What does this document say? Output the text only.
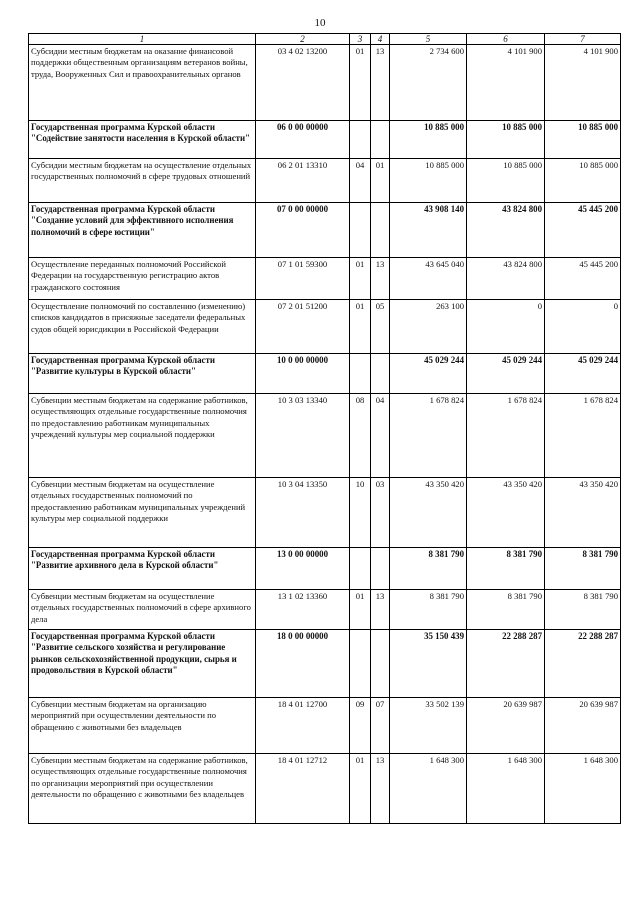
10
1	2	3	4	5	6	7
Субсидии местным бюджетам на оказание финансовой поддержки общественным организациям ветеранов войны, труда, Вооруженных Сил и правоохранительных органов	03 4 02 13200	01	13	2 734 600	4 101 900	4 101 900
Государственная программа Курской области "Содействие занятости населения в Курской области"	06 0 00 00000			10 885 000	10 885 000	10 885 000
Субсидии местным бюджетам на осуществление отдельных государственных полномочий в сфере трудовых отношений	06 2 01 13310	04	01	10 885 000	10 885 000	10 885 000
Государственная программа Курской области "Создание условий для эффективного исполнения полномочий в сфере юстиции"	07 0 00 00000			43 908 140	43 824 800	45 445 200
Осуществление переданных полномочий Российской Федерации на государственную регистрацию актов гражданского состояния	07 1 01 59300	01	13	43 645 040	43 824 800	45 445 200
Осуществление полномочий по составлению (изменению) списков кандидатов в присяжные заседатели федеральных судов общей юрисдикции в Российской Федерации	07 2 01 51200	01	05	263 100	0	0
Государственная программа Курской области "Развитие культуры в Курской области"	10 0 00 00000			45 029 244	45 029 244	45 029 244
Субвенции местным бюджетам на содержание работников, осуществляющих отдельные государственные полномочия по предоставлению работникам муниципальных учреждений культуры мер социальной поддержки	10 3 03 13340	08	04	1 678 824	1 678 824	1 678 824
Субвенции местным бюджетам на осуществление отдельных государственных полномочий по предоставлению работникам муниципальных учреждений культуры мер социальной поддержки	10 3 04 13350	10	03	43 350 420	43 350 420	43 350 420
Государственная программа Курской области "Развитие архивного дела в Курской области"	13 0 00 00000			8 381 790	8 381 790	8 381 790
Субвенции местным бюджетам на осуществление отдельных государственных полномочий в сфере архивного дела	13 1 02 13360	01	13	8 381 790	8 381 790	8 381 790
Государственная программа Курской области "Развитие сельского хозяйства и регулирование рынков сельскохозяйственной продукции, сырья и продовольствия в Курской области"	18 0 00 00000			35 150 439	22 288 287	22 288 287
Субвенции местным бюджетам на организацию мероприятий при осуществлении деятельности по обращению с животными без владельцев	18 4 01 12700	09	07	33 502 139	20 639 987	20 639 987
Субвенции местным бюджетам на содержание работников, осуществляющих отдельные государственные полномочия по организации мероприятий при осуществлении деятельности по обращению с животными без владельцев	18 4 01 12712	01	13	1 648 300	1 648 300	1 648 300
